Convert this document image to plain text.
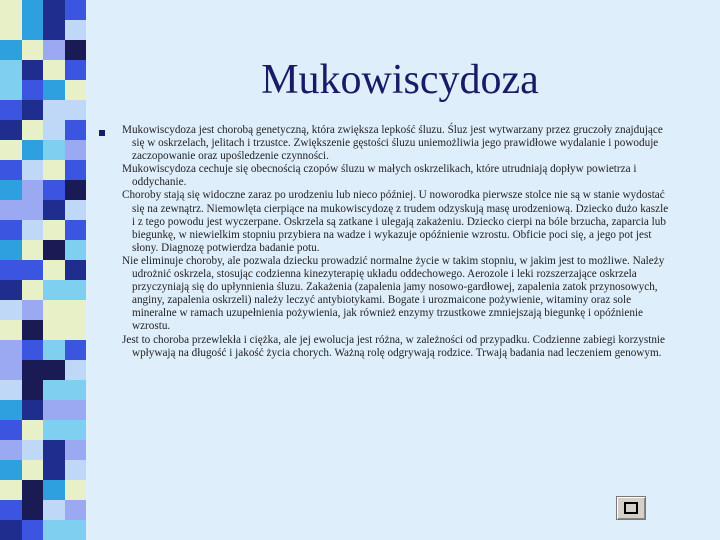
Mukowiscydoza

Mukowiscydoza jest chorobą genetyczną, która zwiększa lepkość śluzu. Śluz jest wytwarzany przez gruczoły znajdujące się w oskrzelach, jelitach i trzustce. Zwiększenie gęstości śluzu uniemożliwia jego prawidłowe wydalanie i powoduje zaczopowanie oraz upośledzenie czynności.

Mukowiscydoza cechuje się obecnością czopów śluzu w małych oskrzelikach, które utrudniają dopływ powietrza i oddychanie.

Choroby stają się widoczne zaraz po urodzeniu lub nieco później. U noworodka pierwsze stolce nie są w stanie wydostać się na zewnątrz. Niemowlęta cierpiące na mukowiscydozę z trudem odzyskują masę urodzeniową. Dziecko dużo kaszle i z tego powodu jest wyczerpane. Oskrzela są zatkane i ulegają zakażeniu. Dziecko cierpi na bóle brzucha, zaparcia lub biegunkę, w niewielkim stopniu przybiera na wadze i wykazuje opóźnienie wzrostu. Obficie poci się, a jego pot jest słony. Diagnozę potwierdza badanie potu.

Nie eliminuje choroby, ale pozwala dziecku prowadzić normalne życie w takim stopniu, w jakim jest to możliwe. Należy udrożnić oskrzela, stosując codzienna kinezyterapię układu oddechowego. Aerozole i leki rozszerzające oskrzela przyczyniają się do upłynnienia śluzu. Zakażenia (zapalenia jamy nosowo-gardłowej, zapalenia zatok przynosowych, anginy, zapalenia oskrzeli) należy leczyć antybiotykami. Bogate i urozmaicone pożywienie, witaminy oraz sole mineralne w ramach uzupełnienia pożywienia, jak również enzymy trzustkowe zmniejszają biegunkę i opóźnienie wzrostu.

Jest to choroba przewlekła i ciężka, ale jej ewolucja jest różna, w zależności od przypadku. Codzienne zabiegi korzystnie wpływają na długość i jakość życia chorych. Ważną rolę odgrywają rodzice. Trwają badania nad leczeniem genowym.
